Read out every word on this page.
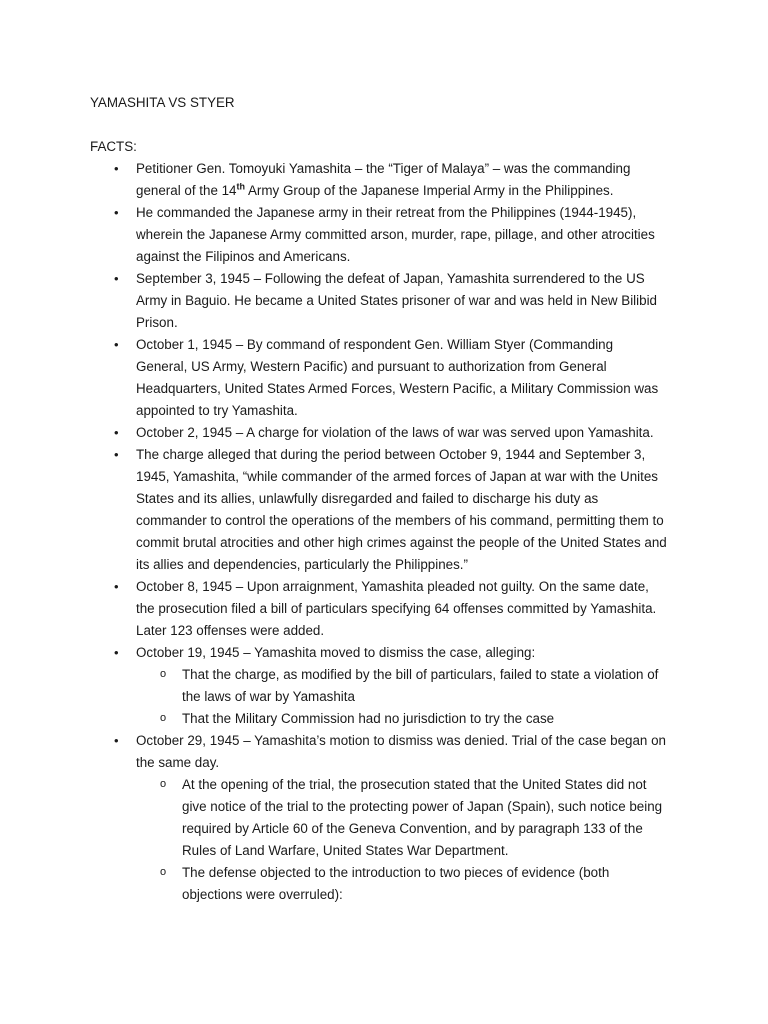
YAMASHITA VS STYER
FACTS:
• Petitioner Gen. Tomoyuki Yamashita – the “Tiger of Malaya” – was the commanding general of the 14th Army Group of the Japanese Imperial Army in the Philippines.
• He commanded the Japanese army in their retreat from the Philippines (1944-1945), wherein the Japanese Army committed arson, murder, rape, pillage, and other atrocities against the Filipinos and Americans.
• September 3, 1945 – Following the defeat of Japan, Yamashita surrendered to the US Army in Baguio. He became a United States prisoner of war and was held in New Bilibid Prison.
• October 1, 1945 – By command of respondent Gen. William Styer (Commanding General, US Army, Western Pacific) and pursuant to authorization from General Headquarters, United States Armed Forces, Western Pacific, a Military Commission was appointed to try Yamashita.
• October 2, 1945 – A charge for violation of the laws of war was served upon Yamashita.
• The charge alleged that during the period between October 9, 1944 and September 3, 1945, Yamashita, “while commander of the armed forces of Japan at war with the Unites States and its allies, unlawfully disregarded and failed to discharge his duty as commander to control the operations of the members of his command, permitting them to commit brutal atrocities and other high crimes against the people of the United States and its allies and dependencies, particularly the Philippines.”
• October 8, 1945 – Upon arraignment, Yamashita pleaded not guilty. On the same date, the prosecution filed a bill of particulars specifying 64 offenses committed by Yamashita. Later 123 offenses were added.
• October 19, 1945 – Yamashita moved to dismiss the case, alleging:
o That the charge, as modified by the bill of particulars, failed to state a violation of the laws of war by Yamashita
o That the Military Commission had no jurisdiction to try the case
• October 29, 1945 – Yamashita’s motion to dismiss was denied. Trial of the case began on the same day.
o At the opening of the trial, the prosecution stated that the United States did not give notice of the trial to the protecting power of Japan (Spain), such notice being required by Article 60 of the Geneva Convention, and by paragraph 133 of the Rules of Land Warfare, United States War Department.
o The defense objected to the introduction to two pieces of evidence (both objections were overruled):
